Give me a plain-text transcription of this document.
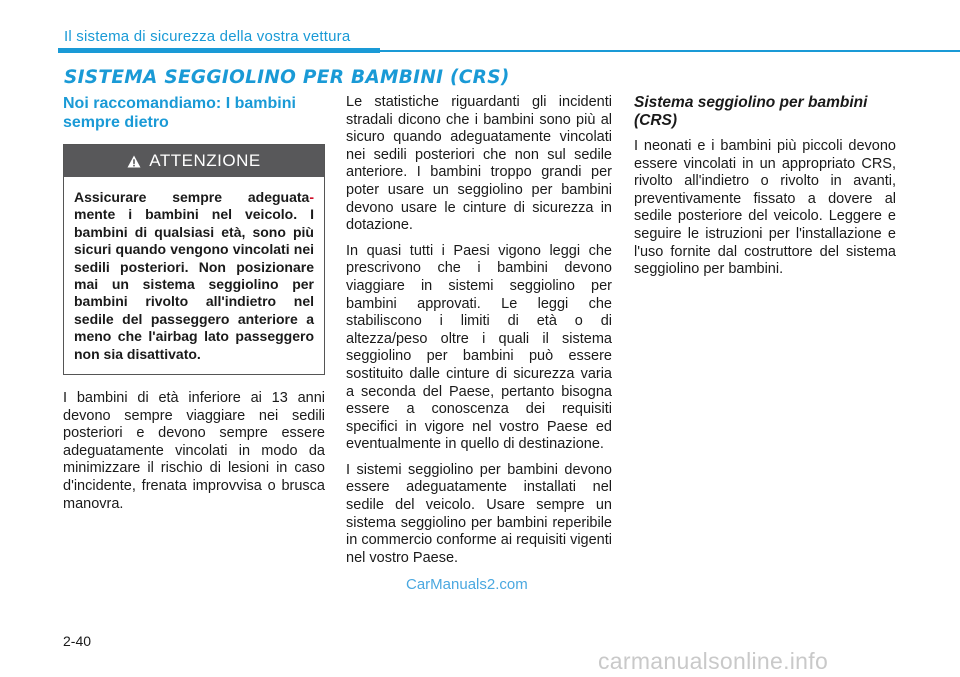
Il sistema di sicurezza della vostra vettura
SISTEMA SEGGIOLINO PER BAMBINI (CRS)
Noi raccomandiamo: I bambini sempre dietro
ATTENZIONE
Assicurare sempre adeguata- mente i bambini nel veicolo. I bambini di qualsiasi età, sono più sicuri quando vengono vincolati nei sedili posteriori. Non posizionare mai un sistema seggiolino per bambini rivolto all'indietro nel sedile del passeggero anteriore a meno che l'airbag lato passeggero non sia disattivato.

I bambini di età inferiore ai 13 anni devono sempre viaggiare nei sedili posteriori e devono sempre essere adeguatamente vincolati in modo da minimizzare il rischio di lesioni in caso d'incidente, frenata improvvisa o brusca manovra.

Le statistiche riguardanti gli incidenti stradali dicono che i bambini sono più al sicuro quando adeguatamente vincolati nei sedili posteriori che non sul sedile anteriore. I bambini troppo grandi per poter usare un seggiolino per bambini devono usare le cinture di sicurezza in dotazione.

In quasi tutti i Paesi vigono leggi che prescrivono che i bambini devono viaggiare in sistemi seggiolino per bambini approvati. Le leggi che stabiliscono i limiti di età o di altezza/peso oltre i quali il sistema seggiolino per bambini può essere sostituito dalle cinture di sicurezza varia a seconda del Paese, pertanto bisogna essere a conoscenza dei requisiti specifici in vigore nel vostro Paese ed eventualmente in quello di destinazione.

I sistemi seggiolino per bambini devono essere adeguatamente installati nel sedile del veicolo. Usare sempre un sistema seggiolino per bambini reperibile in commercio conforme ai requisiti vigenti nel vostro Paese.

Sistema seggiolino per bambini (CRS)

I neonati e i bambini più piccoli devono essere vincolati in un appropriato CRS, rivolto all'indietro o rivolto in avanti, preventivamente fissato a dovere al sedile posteriore del veicolo. Leggere e seguire le istruzioni per l'installazione e l'uso fornite dal costruttore del sistema seggiolino per bambini.

CarManuals2.com
2-40
carmanualsonline.info
